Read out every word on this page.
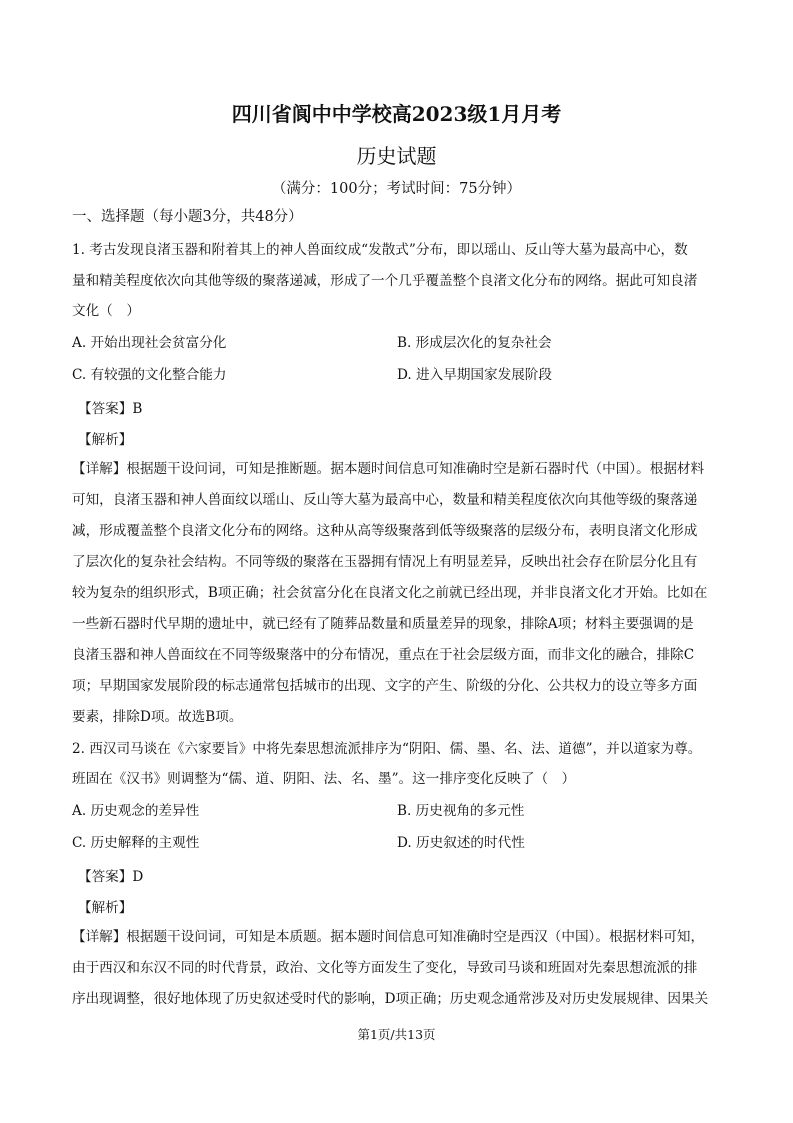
四川省阆中中学校高2023级1月月考
历史试题
（满分：100分；考试时间：75分钟）
一、选择题（每小题3分，共48分）
1. 考古发现良渚玉器和附着其上的神人兽面纹成“发散式”分布，即以瑶山、反山等大墓为最高中心，数
量和精美程度依次向其他等级的聚落递减，形成了一个几乎覆盖整个良渚文化分布的网络。据此可知良渚
文化（　）
A. 开始出现社会贫富分化	B. 形成层次化的复杂社会
C. 有较强的文化整合能力	D. 进入早期国家发展阶段
【答案】B
【解析】
【详解】根据题干设问词，可知是推断题。据本题时间信息可知准确时空是新石器时代（中国）。根据材料
可知，良渚玉器和神人兽面纹以瑶山、反山等大墓为最高中心，数量和精美程度依次向其他等级的聚落递
减，形成覆盖整个良渚文化分布的网络。这种从高等级聚落到低等级聚落的层级分布，表明良渚文化形成
了层次化的复杂社会结构。不同等级的聚落在玉器拥有情况上有明显差异，反映出社会存在阶层分化且有
较为复杂的组织形式，B项正确；社会贫富分化在良渚文化之前就已经出现，并非良渚文化才开始。比如在
一些新石器时代早期的遗址中，就已经有了随葬品数量和质量差异的现象，排除A项；材料主要强调的是
良渚玉器和神人兽面纹在不同等级聚落中的分布情况，重点在于社会层级方面，而非文化的融合，排除C
项；早期国家发展阶段的标志通常包括城市的出现、文字的产生、阶级的分化、公共权力的设立等多方面
要素，排除D项。故选B项。
2. 西汉司马谈在《六家要旨》中将先秦思想流派排序为“阴阳、儒、墨、名、法、道德”，并以道家为尊。
班固在《汉书》则调整为“儒、道、阴阳、法、名、墨”。这一排序变化反映了（　）
A. 历史观念的差异性	B. 历史视角的多元性
C. 历史解释的主观性	D. 历史叙述的时代性
【答案】D
【解析】
【详解】根据题干设问词，可知是本质题。据本题时间信息可知准确时空是西汉（中国）。根据材料可知，
由于西汉和东汉不同的时代背景，政治、文化等方面发生了变化，导致司马谈和班固对先秦思想流派的排
序出现调整，很好地体现了历史叙述受时代的影响，D项正确；历史观念通常涉及对历史发展规律、因果关
第1页/共13页
